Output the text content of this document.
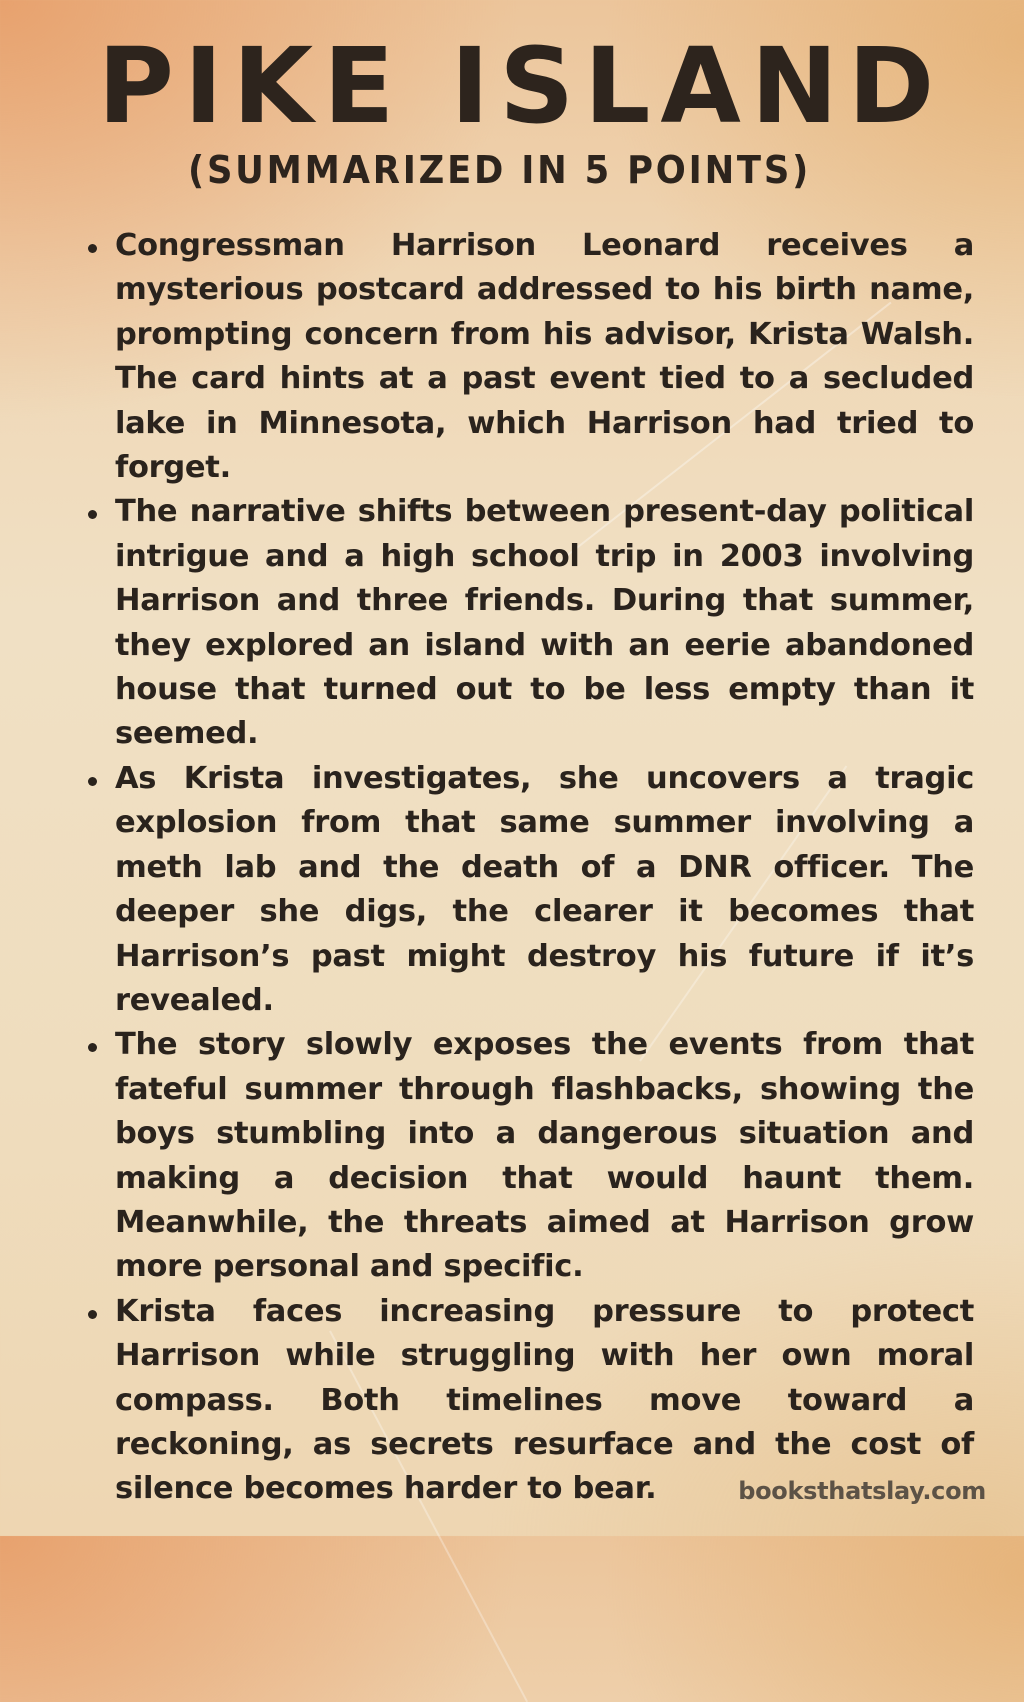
PIKE ISLAND
(SUMMARIZED IN 5 POINTS)
Congressman Harrison Leonard receives a mysterious postcard addressed to his birth name, prompting concern from his advisor, Krista Walsh. The card hints at a past event tied to a secluded lake in Minnesota, which Harrison had tried to forget.
The narrative shifts between present-day political intrigue and a high school trip in 2003 involving Harrison and three friends. During that summer, they explored an island with an eerie abandoned house that turned out to be less empty than it seemed.
As Krista investigates, she uncovers a tragic explosion from that same summer involving a meth lab and the death of a DNR officer. The deeper she digs, the clearer it becomes that Harrison’s past might destroy his future if it’s revealed.
The story slowly exposes the events from that fateful summer through flashbacks, showing the boys stumbling into a dangerous situation and making a decision that would haunt them. Meanwhile, the threats aimed at Harrison grow more personal and specific.
Krista faces increasing pressure to protect Harrison while struggling with her own moral compass. Both timelines move toward a reckoning, as secrets resurface and the cost of silence becomes harder to bear.	booksthatslay.com
